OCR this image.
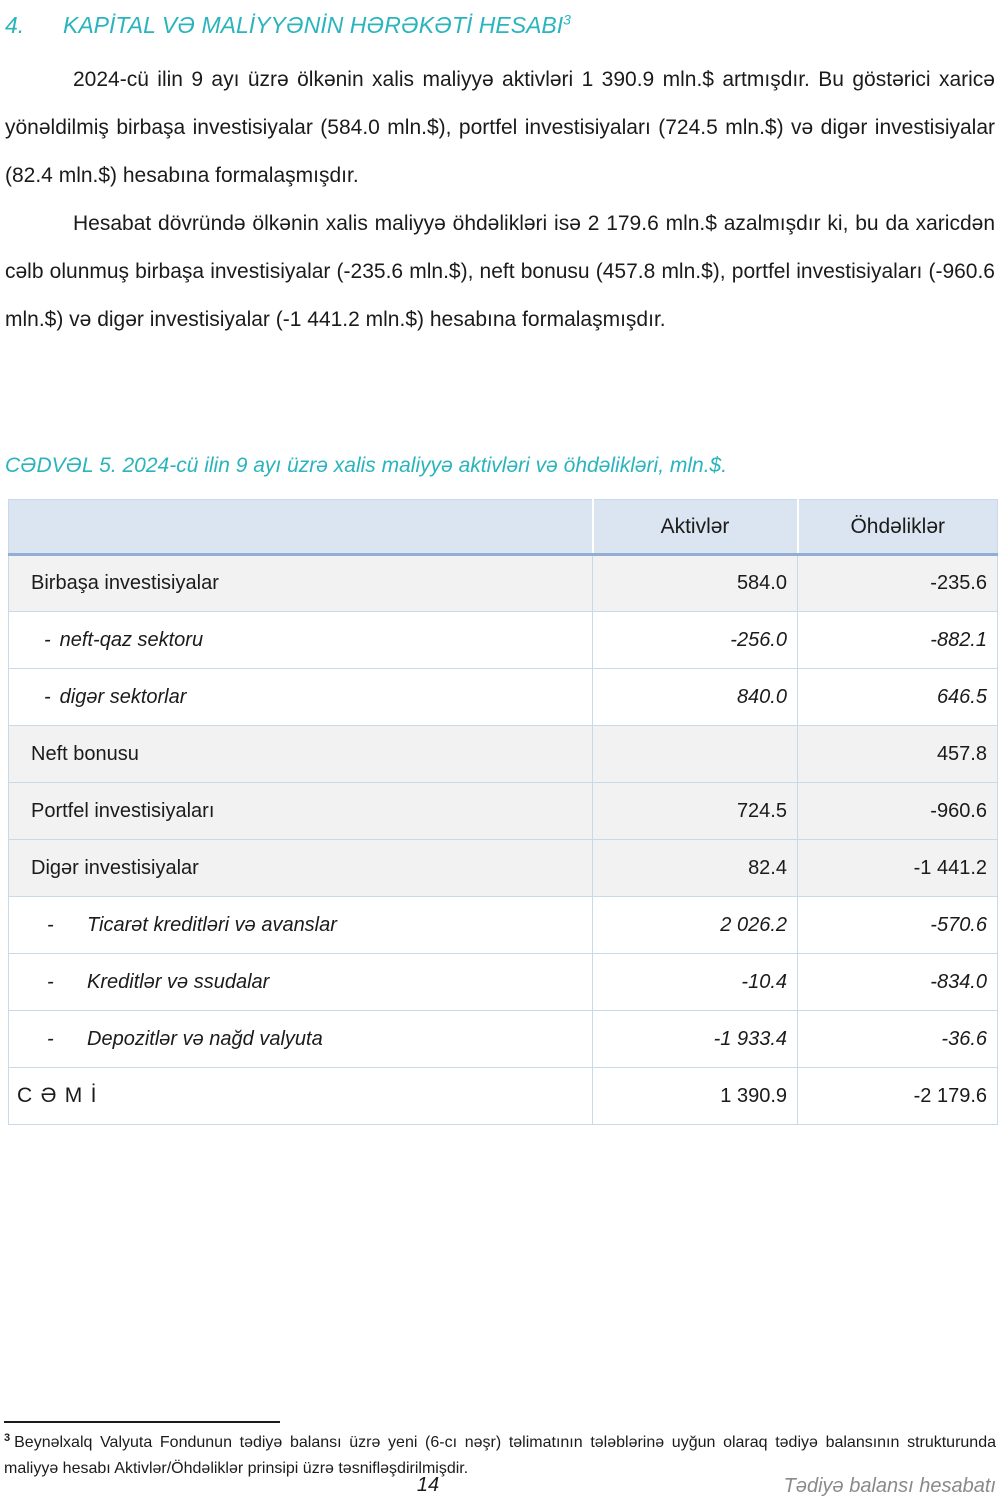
4.	KAPİTAL VƏ MALİYYƏNİN HƏRƏKƏTİ HESABI$^3$

2024-cü ilin 9 ayı üzrə ölkənin xalis maliyyə aktivləri 1 390.9 mln.$ artmışdır. Bu göstərici xaricə yönəldilmiş birbaşa investisiyalar (584.0 mln.$), portfel investisiyaları (724.5 mln.$) və digər investisiyalar (82.4 mln.$) hesabına formalaşmışdır.

Hesabat dövründə ölkənin xalis maliyyə öhdəlikləri isə 2 179.6 mln.$ azalmışdır ki, bu da xaricdən cəlb olunmuş birbaşa investisiyalar (-235.6 mln.$), neft bonusu (457.8 mln.$), portfel investisiyaları (-960.6 mln.$) və digər investisiyalar (-1 441.2 mln.$) hesabına formalaşmışdır.

CƏDVƏL 5. 2024-cü ilin 9 ayı üzrə xalis maliyyə aktivləri və öhdəlikləri, mln.$.
	Aktivlər	Öhdəliklər
Birbaşa investisiyalar	584.0	-235.6
- neft-qaz sektoru	-256.0	-882.1
- digər sektorlar	840.0	646.5
Neft bonusu		457.8
Portfel investisiyaları	724.5	-960.6
Digər investisiyalar	82.4	-1 441.2
- Ticarət kreditləri və avanslar	2 026.2	-570.6
- Kreditlər və ssudalar	-10.4	-834.0
- Depozitlər və nağd valyuta	-1 933.4	-36.6
CƏMİ	1 390.9	-2 179.6
$^3$ Beynəlxalq Valyuta Fondunun tədiyə balansı üzrə yeni (6-cı nəşr) təlimatının tələblərinə uyğun olaraq tədiyə balansının strukturunda maliyyə hesabı Aktivlər/Öhdəliklər prinsipi üzrə təsnifləşdirilmişdir.
14	Tədiyə balansı hesabatı
